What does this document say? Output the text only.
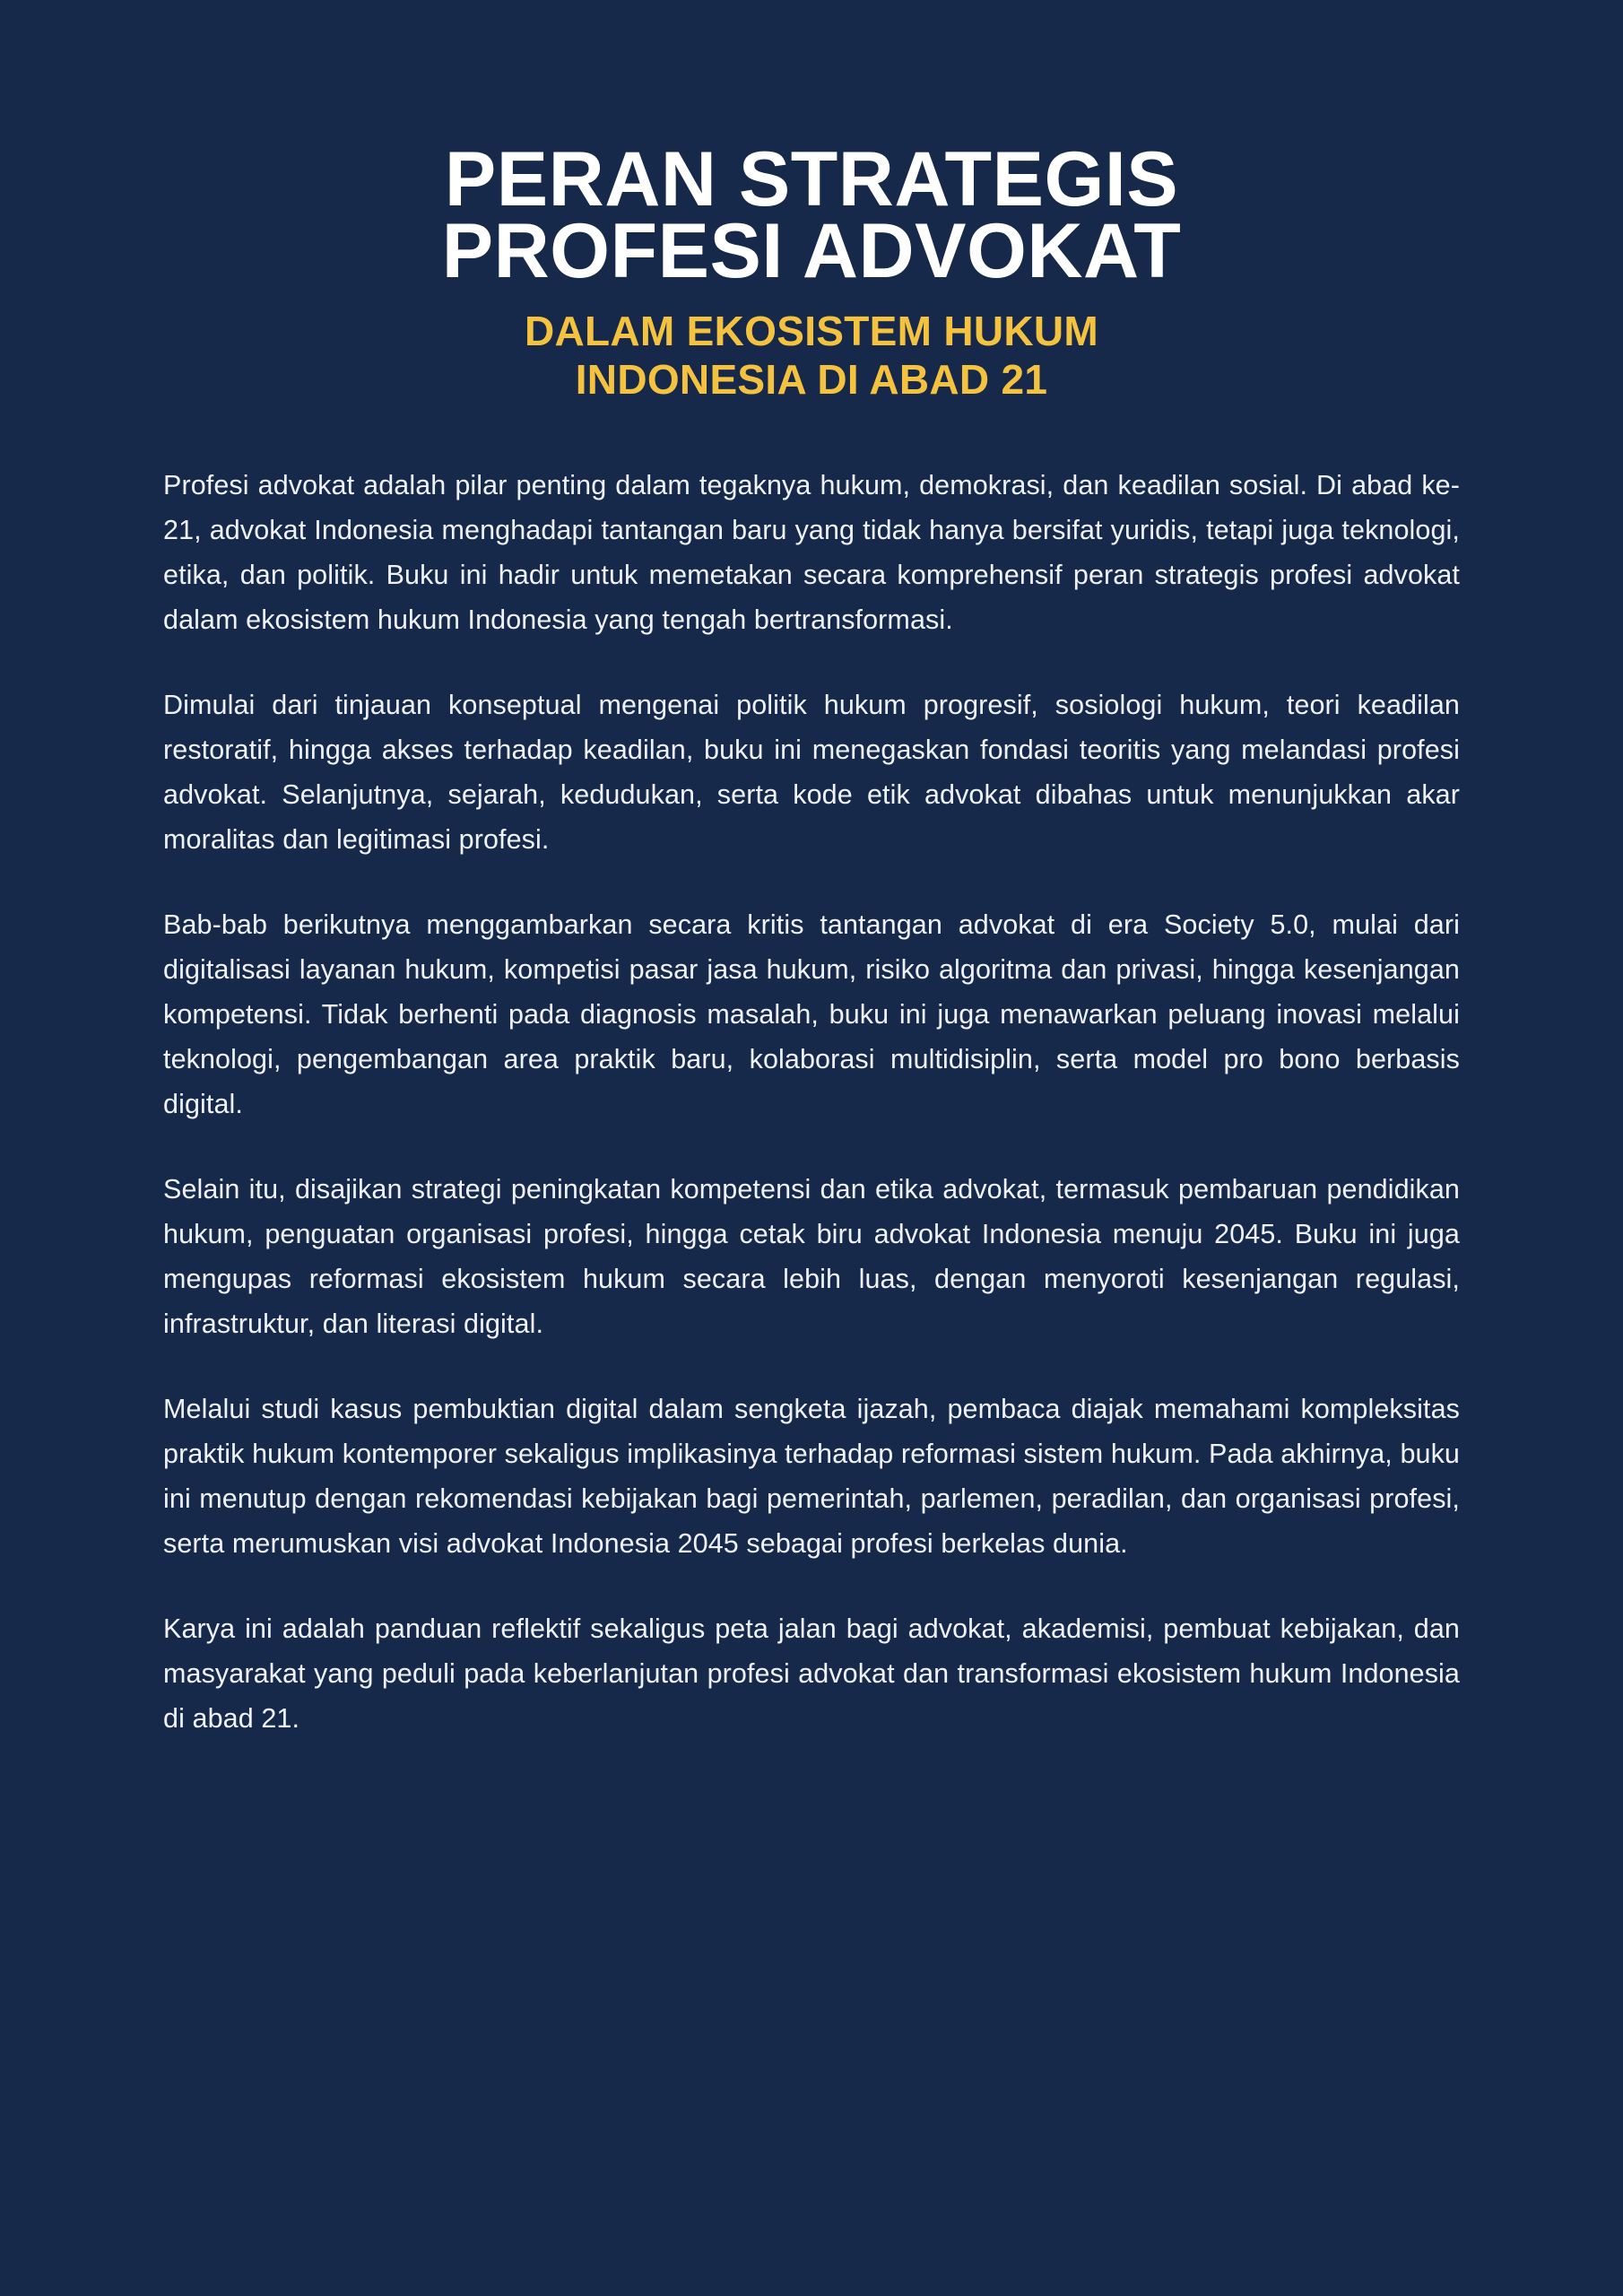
PERAN STRATEGIS
PROFESI ADVOKAT
DALAM EKOSISTEM HUKUM
INDONESIA DI ABAD 21

Profesi advokat adalah pilar penting dalam tegaknya hukum, demokrasi, dan keadilan sosial. Di abad ke-21, advokat Indonesia menghadapi tantangan baru yang tidak hanya bersifat yuridis, tetapi juga teknologi, etika, dan politik. Buku ini hadir untuk memetakan secara komprehensif peran strategis profesi advokat dalam ekosistem hukum Indonesia yang tengah bertransformasi.

Dimulai dari tinjauan konseptual mengenai politik hukum progresif, sosiologi hukum, teori keadilan restoratif, hingga akses terhadap keadilan, buku ini menegaskan fondasi teoritis yang melandasi profesi advokat. Selanjutnya, sejarah, kedudukan, serta kode etik advokat dibahas untuk menunjukkan akar moralitas dan legitimasi profesi.

Bab-bab berikutnya menggambarkan secara kritis tantangan advokat di era Society 5.0, mulai dari digitalisasi layanan hukum, kompetisi pasar jasa hukum, risiko algoritma dan privasi, hingga kesenjangan kompetensi. Tidak berhenti pada diagnosis masalah, buku ini juga menawarkan peluang inovasi melalui teknologi, pengembangan area praktik baru, kolaborasi multidisiplin, serta model pro bono berbasis digital.

Selain itu, disajikan strategi peningkatan kompetensi dan etika advokat, termasuk pembaruan pendidikan hukum, penguatan organisasi profesi, hingga cetak biru advokat Indonesia menuju 2045. Buku ini juga mengupas reformasi ekosistem hukum secara lebih luas, dengan menyoroti kesenjangan regulasi, infrastruktur, dan literasi digital.

Melalui studi kasus pembuktian digital dalam sengketa ijazah, pembaca diajak memahami kompleksitas praktik hukum kontemporer sekaligus implikasinya terhadap reformasi sistem hukum. Pada akhirnya, buku ini menutup dengan rekomendasi kebijakan bagi pemerintah, parlemen, peradilan, dan organisasi profesi, serta merumuskan visi advokat Indonesia 2045 sebagai profesi berkelas dunia.

Karya ini adalah panduan reflektif sekaligus peta jalan bagi advokat, akademisi, pembuat kebijakan, dan masyarakat yang peduli pada keberlanjutan profesi advokat dan transformasi ekosistem hukum Indonesia di abad 21.
